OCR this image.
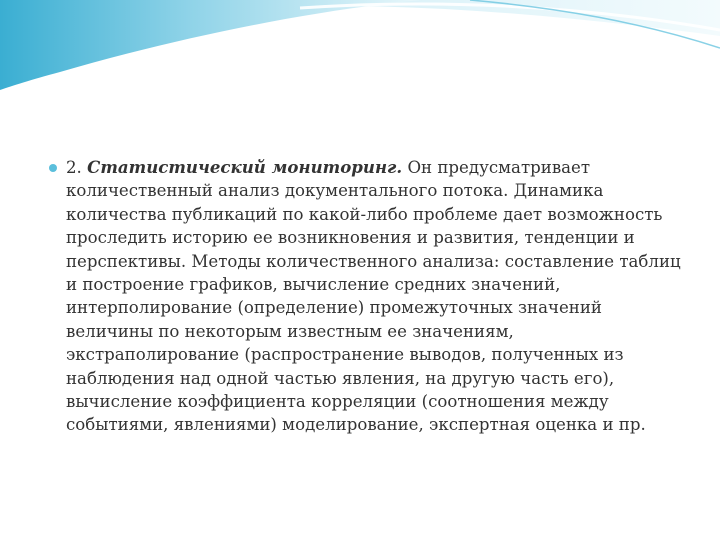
2. Статистический мониторинг. Он предусматривает количественный анализ документального потока. Динамика количества публикаций по какой-либо проблеме дает возможность проследить историю ее возникновения и развития, тенденции и перспективы. Методы количественного анализа: составление таблиц и построение графиков, вычисление средних значений, интерполирование (определение) промежуточных значений величины по некоторым известным ее значениям, экстраполирование (распространение выводов, полученных из наблюдения над одной частью явления, на другую часть его), вычисление коэффициента корреляции (соотношения между событиями, явлениями) моделирование, экспертная оценка и пр.
